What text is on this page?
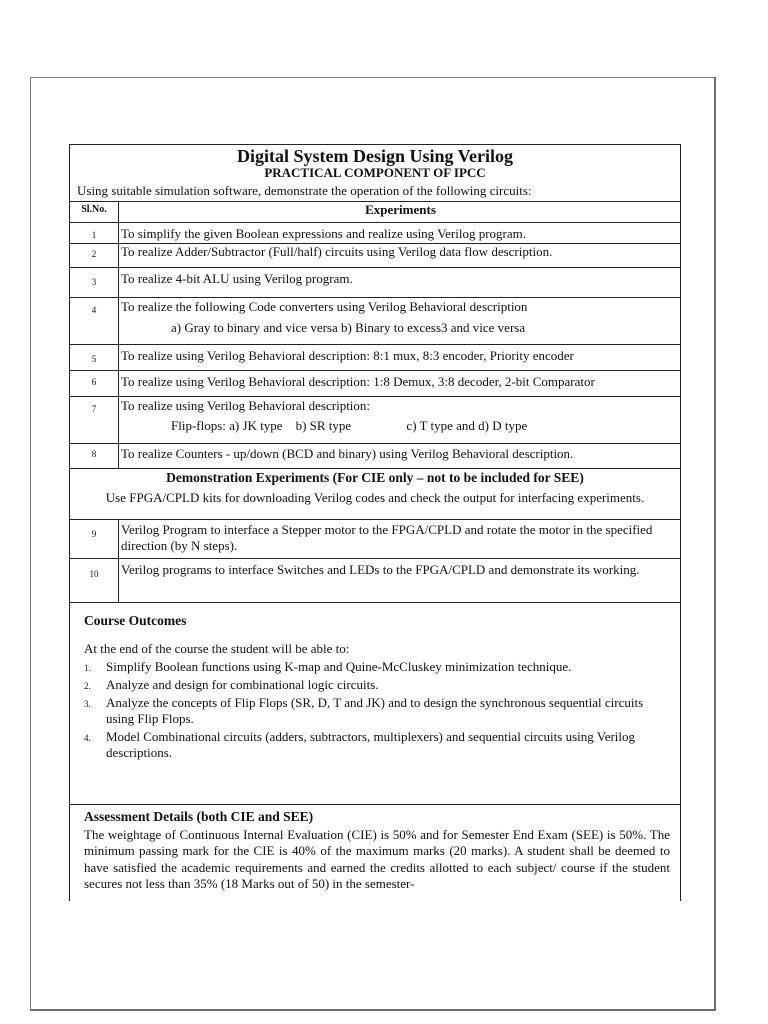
Digital System Design Using Verilog
PRACTICAL COMPONENT OF IPCC
Using suitable simulation software, demonstrate the operation of the following circuits:
Sl.No.	Experiments
1	To simplify the given Boolean expressions and realize using Verilog program.
2	To realize Adder/Subtractor (Full/half) circuits using Verilog data flow description.
3	To realize 4-bit ALU using Verilog program.
4	To realize the following Code converters using Verilog Behavioral description
a) Gray to binary and vice versa b) Binary to excess3 and vice versa

5	To realize using Verilog Behavioral description: 8:1 mux, 8:3 encoder, Priority encoder
6	To realize using Verilog Behavioral description: 1:8 Demux, 3:8 decoder, 2-bit Comparator
7	To realize using Verilog Behavioral description:
Flip-flops: a) JK type    b) SR type                 c) T type and d) D type

8	To realize Counters - up/down (BCD and binary) using Verilog Behavioral description.

Demonstration Experiments (For CIE only – not to be included for SEE)
Use FPGA/CPLD kits for downloading Verilog codes and check the output for interfacing experiments.	

9	Verilog Program to interface a Stepper motor to the FPGA/CPLD and rotate the motor in the specified direction (by N steps).
10	Verilog programs to interface Switches and LEDs to the FPGA/CPLD and demonstrate its working.
Course Outcomes
At the end of the course the student will be able to:
1. Simplify Boolean functions using K-map and Quine-McCluskey minimization technique.
2. Analyze and design for combinational logic circuits.
3. Analyze the concepts of Flip Flops (SR, D, T and JK) and to design the synchronous sequential circuits using Flip Flops.
4. Model Combinational circuits (adders, subtractors, multiplexers) and sequential circuits using Verilog descriptions.
Assessment Details (both CIE and SEE)

The weightage of Continuous Internal Evaluation (CIE) is 50% and for Semester End Exam (SEE) is 50%. The minimum passing mark for the CIE is 40% of the maximum marks (20 marks). A student shall be deemed to have satisfied the academic requirements and earned the credits allotted to each subject/ course if the student secures not less than 35% (18 Marks out of 50) in the semester-
